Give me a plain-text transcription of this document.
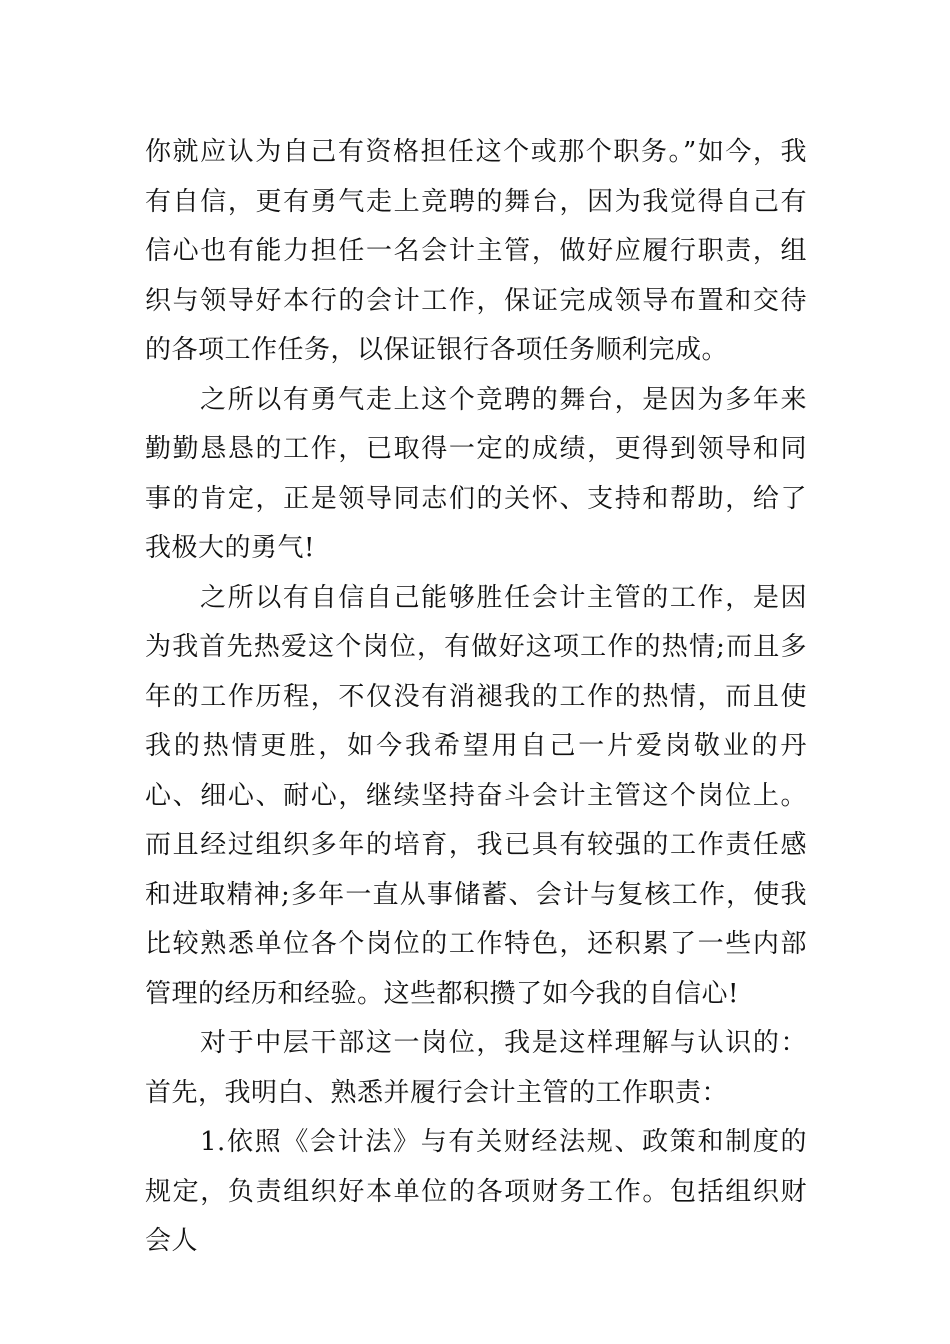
你就应认为自己有资格担任这个或那个职务。”如今，我有自信，更有勇气走上竞聘的舞台，因为我觉得自己有信心也有能力担任一名会计主管，做好应履行职责，组织与领导好本行的会计工作，保证完成领导布置和交待的各项工作任务，以保证银行各项任务顺利完成。

之所以有勇气走上这个竞聘的舞台，是因为多年来勤勤恳恳的工作，已取得一定的成绩，更得到领导和同事的肯定，正是领导同志们的关怀、支持和帮助，给了我极大的勇气!

之所以有自信自己能够胜任会计主管的工作，是因为我首先热爱这个岗位，有做好这项工作的热情;而且多年的工作历程，不仅没有消褪我的工作的热情，而且使我的热情更胜，如今我希望用自己一片爱岗敬业的丹心、细心、耐心，继续坚持奋斗会计主管这个岗位上。而且经过组织多年的培育，我已具有较强的工作责任感和进取精神;多年一直从事储蓄、会计与复核工作，使我比较熟悉单位各个岗位的工作特色，还积累了一些内部管理的经历和经验。这些都积攒了如今我的自信心!

对于中层干部这一岗位，我是这样理解与认识的：首先，我明白、熟悉并履行会计主管的工作职责：

1.依照《会计法》与有关财经法规、政策和制度的规定，负责组织好本单位的各项财务工作。包括组织财会人
